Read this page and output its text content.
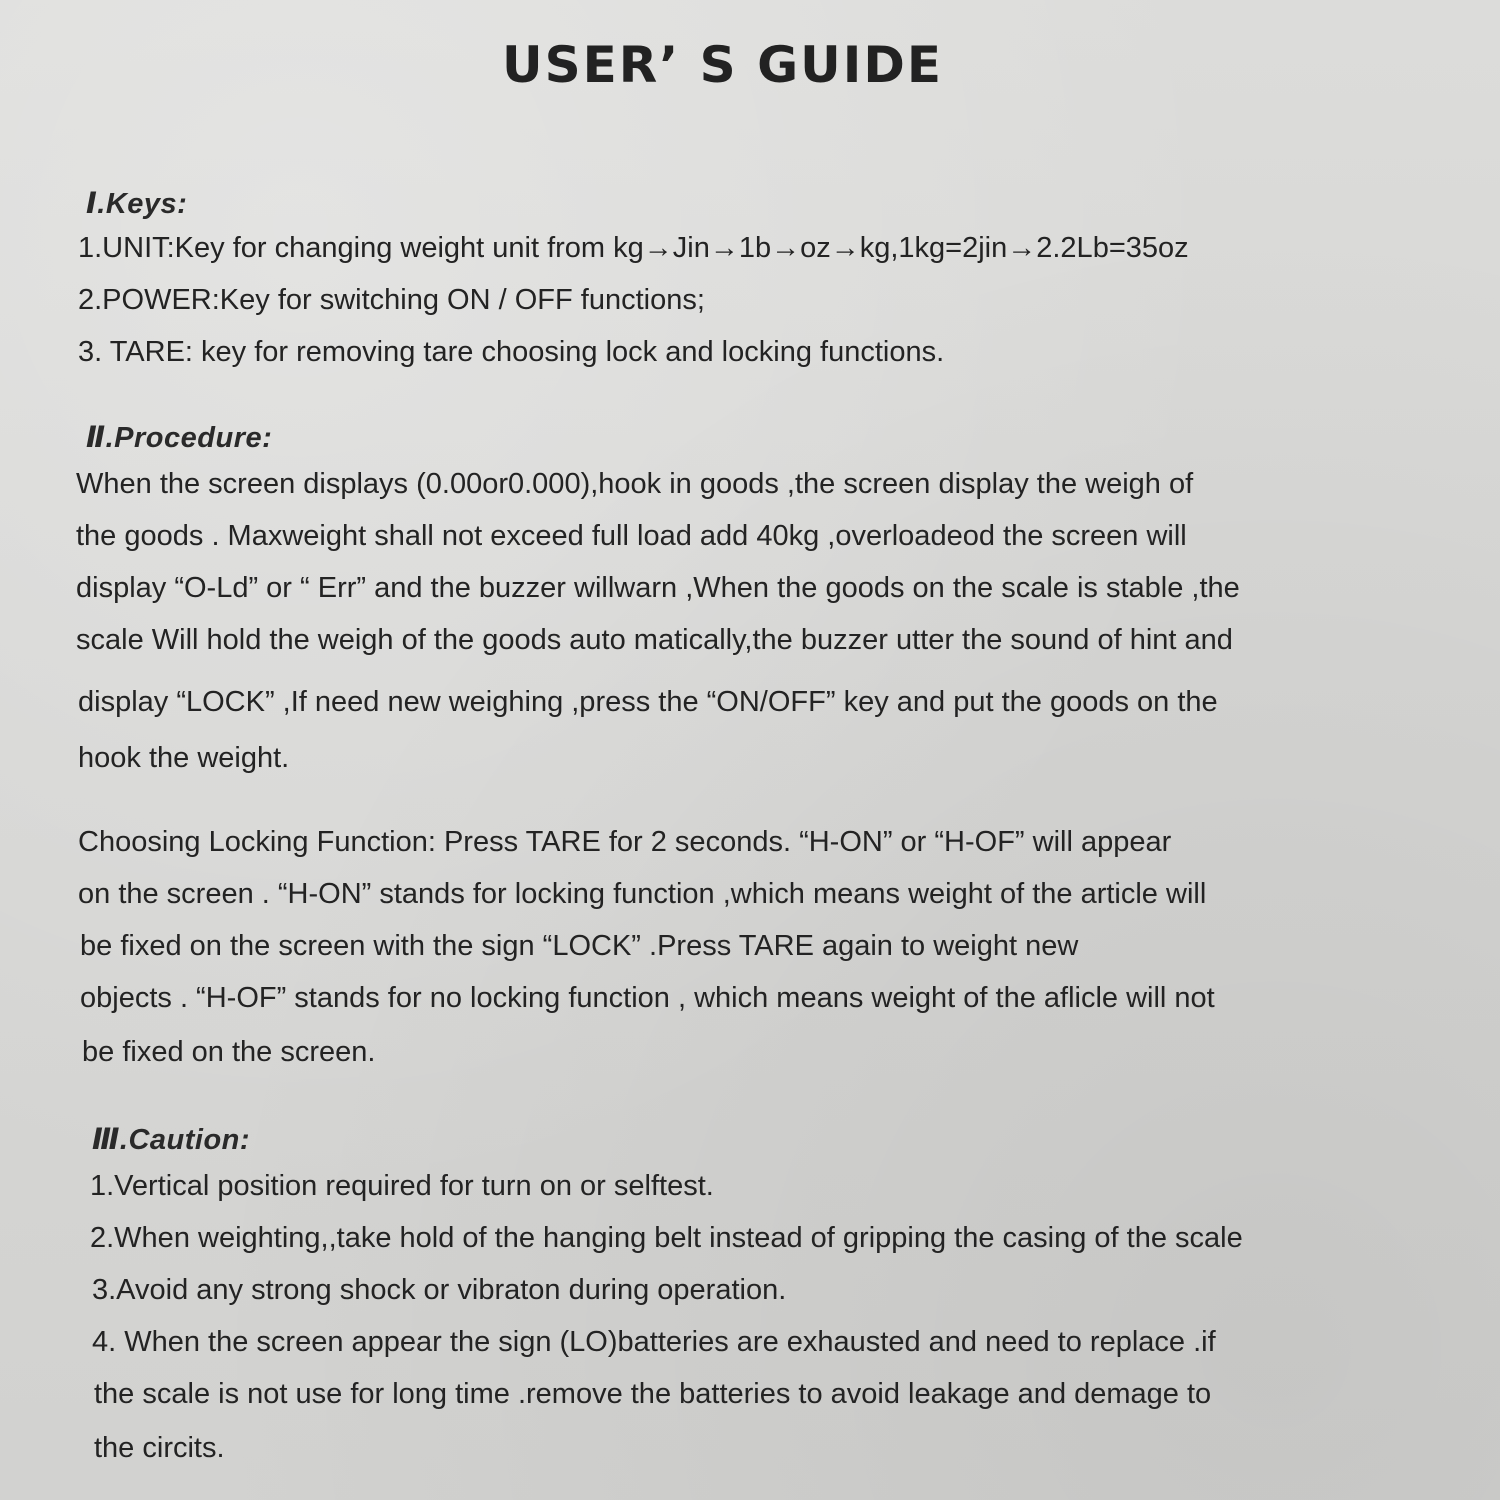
USER’ S GUIDE
Ⅰ.Keys:
1.UNIT:Key for changing weight unit from kg→Jin→1b→oz→kg,1kg=2jin→2.2Lb=35oz
2.POWER:Key for switching ON / OFF functions;
3. TARE: key for removing tare choosing lock and locking functions.
Ⅱ.Procedure:
When the screen displays (0.00or0.000),hook in goods ,the screen display the weigh of
the goods . Maxweight shall not exceed full load add 40kg ,overloadeod the screen will
display “O-Ld” or “ Err” and the buzzer willwarn ,When the goods on the scale is stable ,the
scale Will hold the weigh of the goods auto matically,the buzzer utter the sound of hint and
display “LOCK” ,If need new weighing ,press the “ON/OFF” key and put the goods on the
hook the weight.
Choosing Locking Function: Press TARE for 2 seconds. “H-ON” or “H-OF” will appear
on the screen . “H-ON” stands for locking function ,which means weight of the article will
be fixed on the screen with the sign “LOCK” .Press TARE again to weight new
objects . “H-OF” stands for no locking function , which means weight of the aflicle will not
be fixed on the screen.
Ⅲ.Caution:
1.Vertical position required for turn on or selftest.
2.When weighting,,take hold of the hanging belt instead of gripping the casing of the scale
3.Avoid any strong shock or vibraton during operation.
4. When the screen appear the sign (LO)batteries are exhausted and need to replace .if
the scale is not use for long time .remove the batteries to avoid leakage and demage to
the circits.
